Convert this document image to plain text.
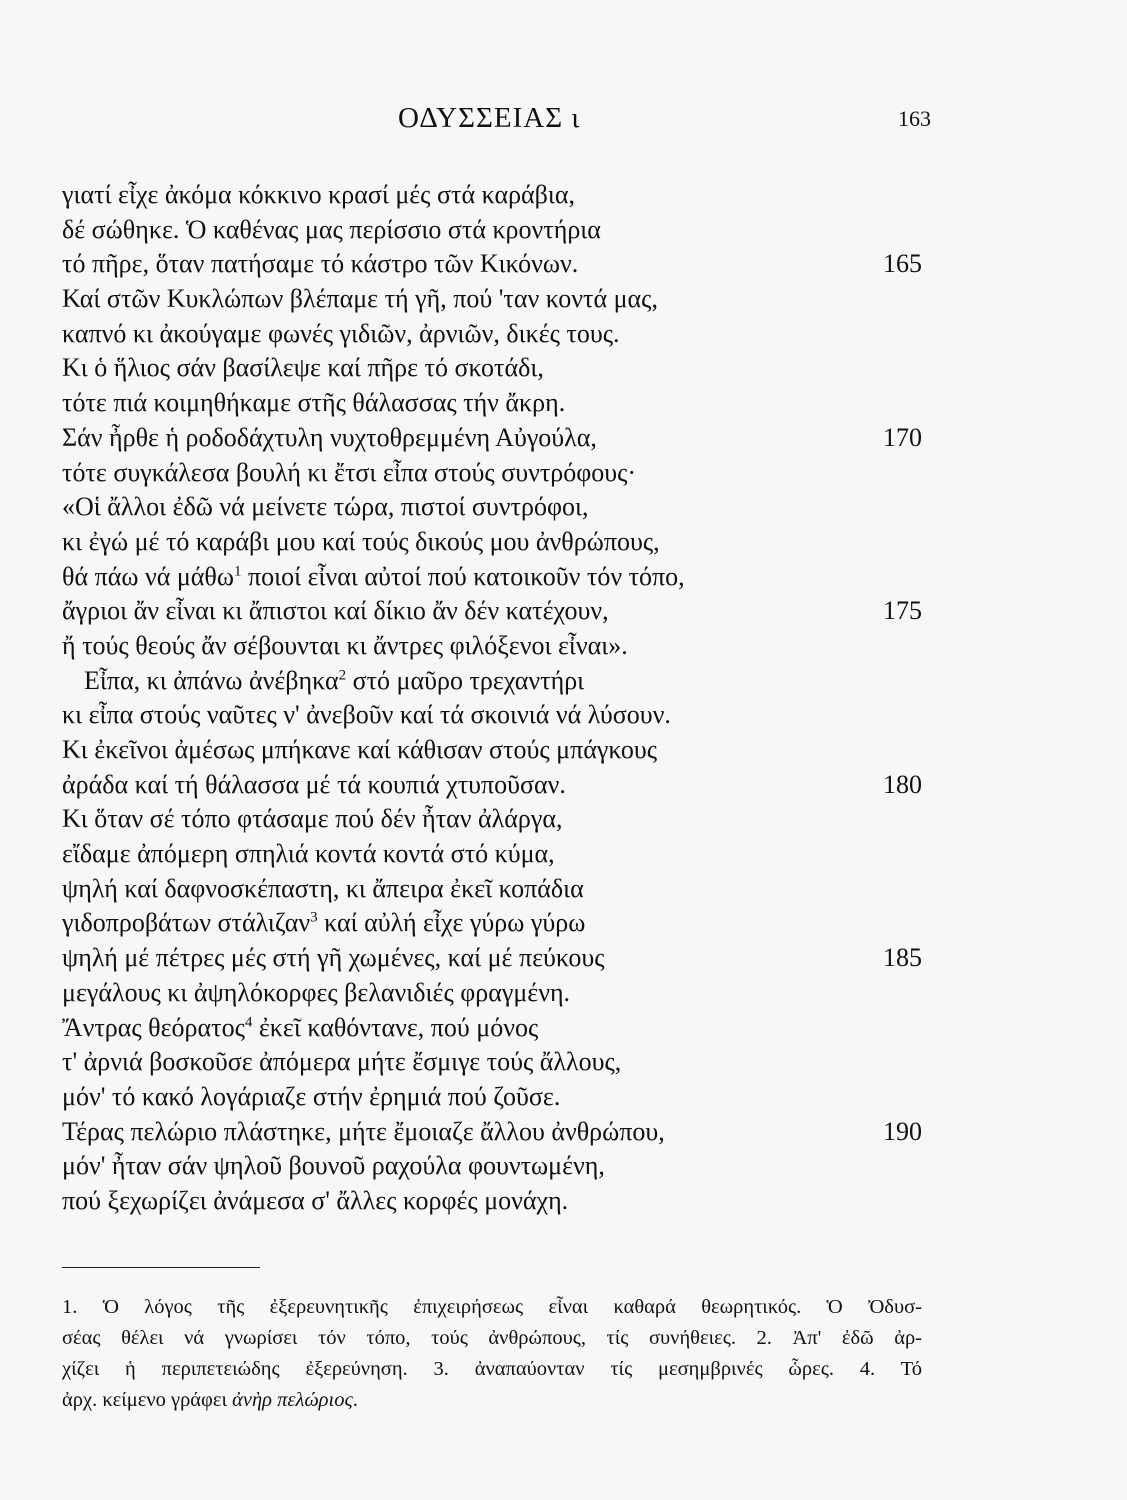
ΟΔΥΣΣΕΙΑΣ ι	163
γιατί εἶχε ἀκόμα κόκκινο κρασί μές στά καράβια,
δέ σώθηκε. Ὁ καθένας μας περίσσιο στά κροντήρια
τό πῆρε, ὅταν πατήσαμε τό κάστρο τῶν Κικόνων.	165
Καί στῶν Κυκλώπων βλέπαμε τή γῆ, πού 'ταν κοντά μας,
καπνό κι ἀκούγαμε φωνές γιδιῶν, ἀρνιῶν, δικές τους.
Κι ὁ ἥλιος σάν βασίλεψε καί πῆρε τό σκοτάδι,
τότε πιά κοιμηθήκαμε στῆς θάλασσας τήν ἄκρη.
Σάν ἦρθε ἡ ροδοδάχτυλη νυχτοθρεμμένη Αὐγούλα,	170
τότε συγκάλεσα βουλή κι ἔτσι εἶπα στούς συντρόφους·
«Οἱ ἄλλοι ἐδῶ νά μείνετε τώρα, πιστοί συντρόφοι,
κι ἐγώ μέ τό καράβι μου καί τούς δικούς μου ἀνθρώπους,
θά πάω νά μάθω$^1$ ποιοί εἶναι αὐτοί πού κατοικοῦν τόν τόπο,
ἄγριοι ἄν εἶναι κι ἄπιστοι καί δίκιο ἄν δέν κατέχουν,	175
ἤ τούς θεούς ἄν σέβουνται κι ἄντρες φιλόξενοι εἶναι».
Εἶπα, κι ἀπάνω ἀνέβηκα$^2$ στό μαῦρο τρεχαντήρι
κι εἶπα στούς ναῦτες ν' ἀνεβοῦν καί τά σκοινιά νά λύσουν.
Κι ἐκεῖνοι ἀμέσως μπήκανε καί κάθισαν στούς μπάγκους
ἀράδα καί τή θάλασσα μέ τά κουπιά χτυποῦσαν.	180
Κι ὅταν σέ τόπο φτάσαμε πού δέν ἦταν ἀλάργα,
εἴδαμε ἀπόμερη σπηλιά κοντά κοντά στό κύμα,
ψηλή καί δαφνοσκέπαστη, κι ἄπειρα ἐκεῖ κοπάδια
γιδοπροβάτων στάλιζαν$^3$ καί αὐλή εἶχε γύρω γύρω
ψηλή μέ πέτρες μές στή γῆ χωμένες, καί μέ πεύκους	185
μεγάλους κι ἀψηλόκορφες βελανιδιές φραγμένη.
Ἄντρας θεόρατος$^4$ ἐκεῖ καθόντανε, πού μόνος
τ' ἀρνιά βοσκοῦσε ἀπόμερα μήτε ἔσμιγε τούς ἄλλους,
μόν' τό κακό λογάριαζε στήν ἐρημιά πού ζοῦσε.
Τέρας πελώριο πλάστηκε, μήτε ἔμοιαζε ἄλλου ἀνθρώπου,	190
μόν' ἦταν σάν ψηλοῦ βουνοῦ ραχούλα φουντωμένη,
πού ξεχωρίζει ἀνάμεσα σ' ἄλλες κορφές μονάχη.
1. Ὁ λόγος τῆς ἐξερευνητικῆς ἐπιχειρήσεως εἶναι καθαρά θεωρητικός. Ὁ Ὀδυσ-
σέας θέλει νά γνωρίσει τόν τόπο, τούς ἀνθρώπους, τίς συνήθειες. 2. Ἀπ' ἐδῶ ἀρ-
χίζει ἡ περιπετειώδης ἐξερεύνηση. 3. ἀναπαύονταν τίς μεσημβρινές ὧρες. 4. Τό
ἀρχ. κείμενο γράφει ἀνὴρ πελώριος.
